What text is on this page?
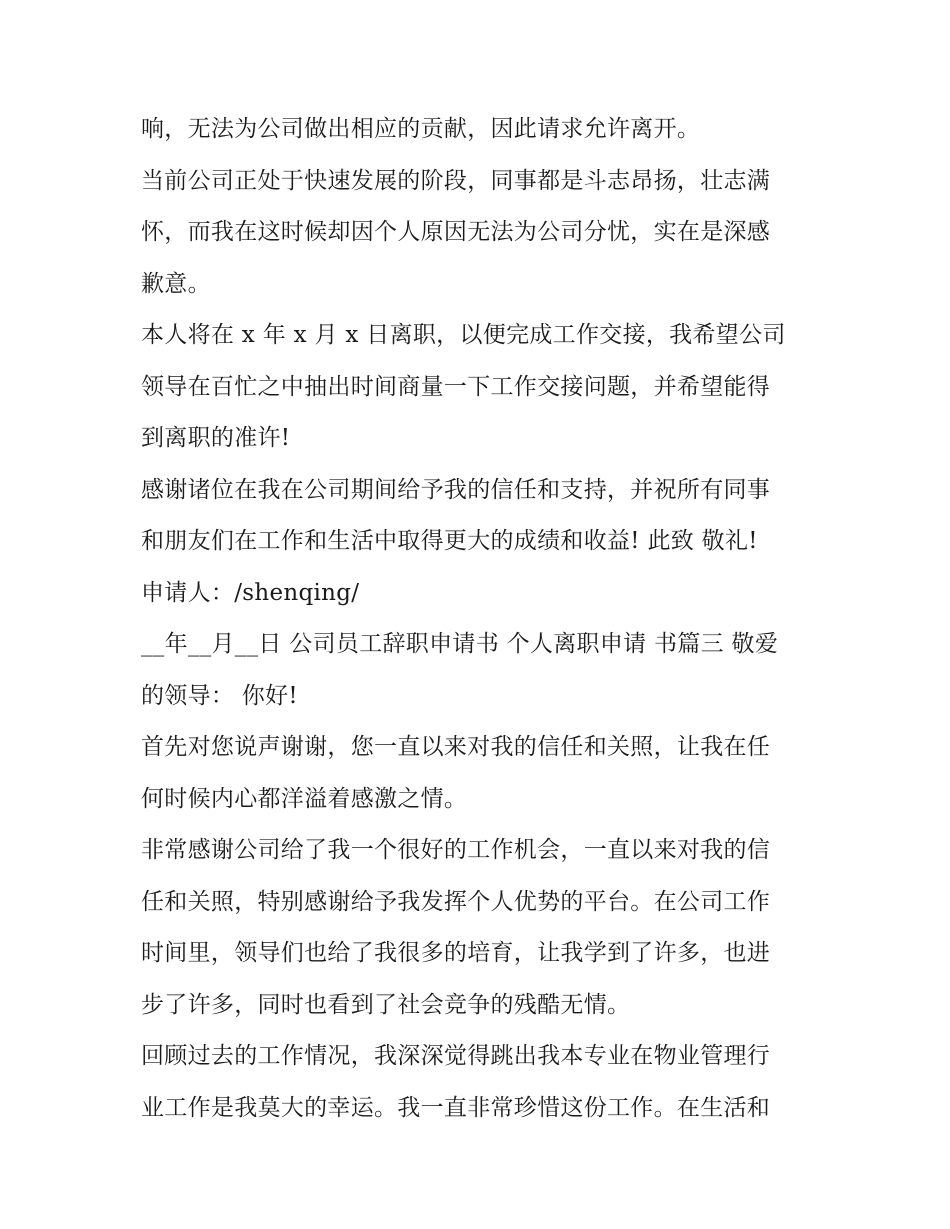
响，无法为公司做出相应的贡献，因此请求允许离开。
当前公司正处于快速发展的阶段，同事都是斗志昂扬，壮志满
怀，而我在这时候却因个人原因无法为公司分忧，实在是深感
歉意。
本人将在 x 年 x 月 x 日离职，以便完成工作交接，我希望公司
领导在百忙之中抽出时间商量一下工作交接问题，并希望能得
到离职的准许!
感谢诸位在我在公司期间给予我的信任和支持，并祝所有同事
和朋友们在工作和生活中取得更大的成绩和收益! 此致 敬礼!
申请人：/shenqing/
__年__月__日 公司员工辞职申请书 个人离职申请 书篇三 敬爱
的领导： 你好!
首先对您说声谢谢，您一直以来对我的信任和关照，让我在任
何时候内心都洋溢着感激之情。
非常感谢公司给了我一个很好的工作机会，一直以来对我的信
任和关照，特别感谢给予我发挥个人优势的平台。在公司工作
时间里，领导们也给了我很多的培育，让我学到了许多，也进
步了许多，同时也看到了社会竞争的残酷无情。
回顾过去的工作情况，我深深觉得跳出我本专业在物业管理行
业工作是我莫大的幸运。我一直非常珍惜这份工作。在生活和
